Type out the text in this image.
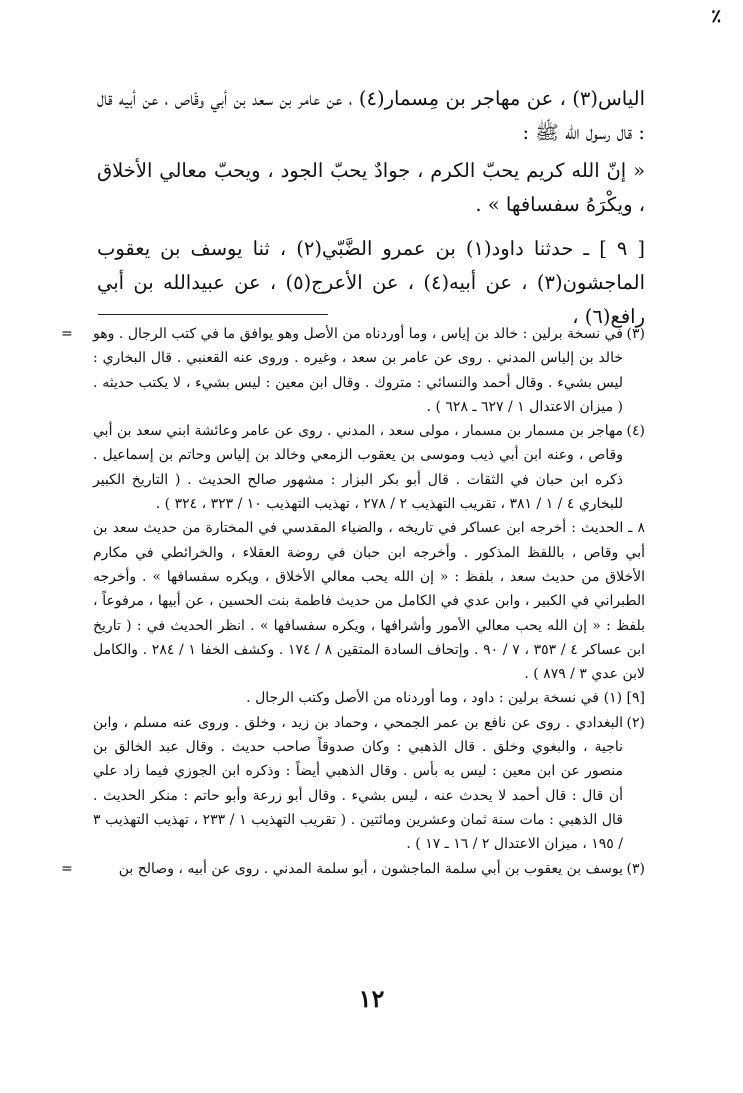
٪

الياس(٣) ، عن مهاجر بن مِسمار(٤) ، عن عامر بن سعد بن أبي وقّاص ، عن أبيه قال : قال رسول الله ﷺ :

« إنّ الله كريم يحبّ الكرم ، جوادٌ يحبّ الجود ، ويحبّ معالي الأخلاق ، ويكْرَهُ سفسافها » .

[ ٩ ] ـ حدثنا داود(١) بن عمرو الضَّبّي(٢) ، ثنا يوسف بن يعقوب الماجشون(٣) ، عن أبيه(٤) ، عن الأعرج(٥) ، عن عبيدالله بن أبي رافع(٦) ،

=	(٣)
في نسخة برلين : خالد بن إياس ، وما أوردناه من الأصل وهو يوافق ما في كتب الرجال . وهو خالد بن إلياس المدني . روى عن عامر بن سعد ، وغيره . وروى عنه القعنبي . قال البخاري : ليس بشيء . وقال أحمد والنسائي : متروك . وقال ابن معين : ليس بشيء ، لا يكتب حديثه . ( ميزان الاعتدال ١ / ٦٢٧ ـ ٦٢٨ ) .
(٤)
مهاجر بن مسمار بن مسمار ، مولى سعد ، المدني . روى عن عامر وعائشة ابني سعد بن أبي وقاص ، وعنه ابن أبي ذيب وموسى بن يعقوب الزمعي وخالد بن إلياس وحاتم بن إسماعيل . ذكره ابن حبان في الثقات . قال أبو بكر البزار : مشهور صالح الحديث . ( التاريخ الكبير للبخاري ٤ / ١ / ٣٨١ ، تقريب التهذيب ٢ / ٢٧٨ ، تهذيب التهذيب ١٠ / ٣٢٣ ، ٣٢٤ ) .
٨ ـ الحديث : أخرجه ابن عساكر في تاريخه ، والضياء المقدسي في المختارة من حديث سعد بن أبي وقاص ، باللفظ المذكور . وأخرجه ابن حبان في روضة العقلاء ، والخرائطي في مكارم الأخلاق من حديث سعد ، بلفظ : « إن الله يحب معالي الأخلاق ، ويكره سفسافها » . وأخرجه الطبراني في الكبير ، وابن عدي في الكامل من حديث فاطمة بنت الحسين ، عن أبيها ، مرفوعاً ، بلفظ : « إن الله يحب معالي الأمور وأشرافها ، ويكره سفسافها » . انظر الحديث في : ( تاريخ ابن عساكر ٤ / ٣٥٣ ، ٧ / ٩٠ . وإتحاف السادة المتقين ٨ / ١٧٤ . وكشف الخفا ١ / ٢٨٤ . والكامل لابن عدي ٣ / ٨٧٩ ) .
[٩] (١)
في نسخة برلين : داود ، وما أوردناه من الأصل وكتب الرجال .
(٢)
البغدادي . روى عن نافع بن عمر الجمحي ، وحماد بن زيد ، وخلق . وروى عنه مسلم ، وابن ناجية ، والبغوي وخلق . قال الذهبي : وكان صدوقاً صاحب حديث . وقال عبد الخالق بن منصور عن ابن معين : ليس به بأس . وقال الذهبي أيضاً : وذكره ابن الجوزي فيما زاد علي أن قال : قال أحمد لا يحدث عنه ، ليس بشيء . وقال أبو زرعة وأبو حاتم : منكر الحديث . قال الذهبي : مات سنة ثمان وعشرين ومائتين . ( تقريب التهذيب ١ / ٢٣٣ ، تهذيب التهذيب ٣ / ١٩٥ ، ميزان الاعتدال ٢ / ١٦ ـ ١٧ ) .
=	(٣)
يوسف بن يعقوب بن أبي سلمة الماجشون ، أبو سلمة المدني . روى عن أبيه ، وصالح بن
١٢
